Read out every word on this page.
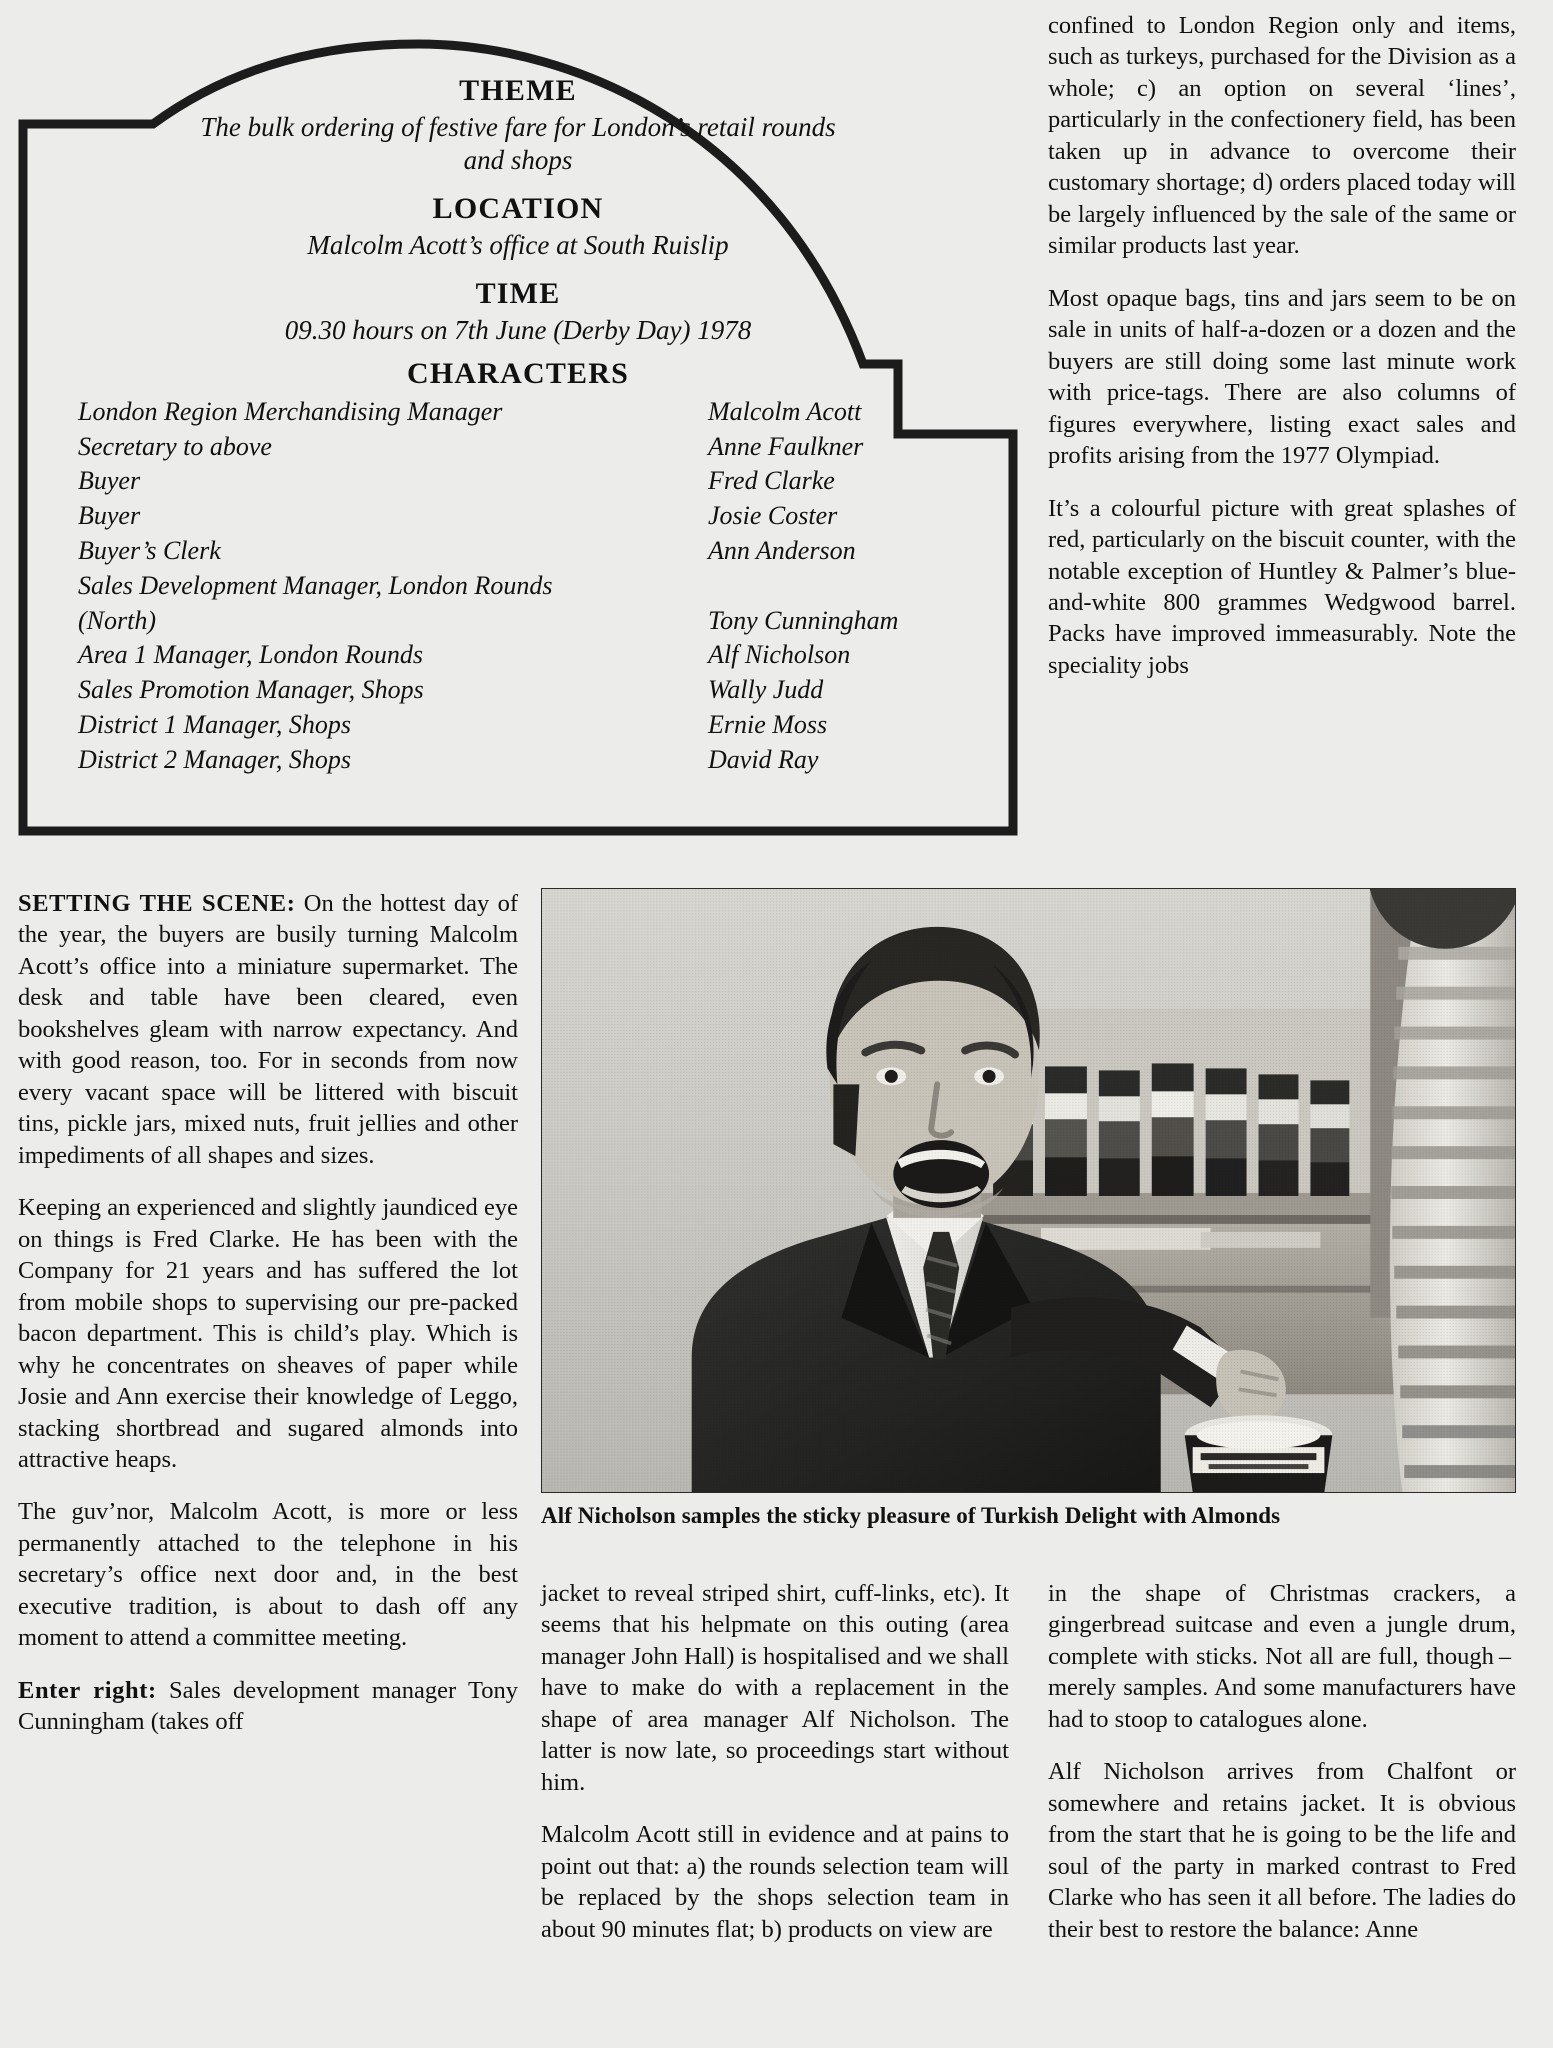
THEME
The bulk ordering of festive fare for London’s retail rounds and shops
LOCATION
Malcolm Acott’s office at South Ruislip
TIME
09.30 hours on 7th June (Derby Day) 1978
CHARACTERS
London Region Merchandising Manager	Malcolm Acott
Secretary to above	Anne Faulkner
Buyer	Fred Clarke
Buyer	Josie Coster
Buyer’s Clerk	Ann Anderson
Sales Development Manager, London Rounds	
(North)	Tony Cunningham
Area 1 Manager, London Rounds	Alf Nicholson
Sales Promotion Manager, Shops	Wally Judd
District 1 Manager, Shops	Ernie Moss
District 2 Manager, Shops	David Ray

confined to London Region only and items, such as turkeys, purchased for the Division as a whole; c) an option on several ‘lines’, particularly in the confectionery field, has been taken up in advance to overcome their customary shortage; d) orders placed today will be largely influenced by the sale of the same or similar products last year.

Most opaque bags, tins and jars seem to be on sale in units of half-a-dozen or a dozen and the buyers are still doing some last minute work with price-tags. There are also columns of figures everywhere, listing exact sales and profits arising from the 1977 Olympiad.

It’s a colourful picture with great splashes of red, particularly on the biscuit counter, with the notable exception of Huntley & Palmer’s blue-and-white 800 grammes Wedgwood barrel. Packs have improved immeasurably. Note the speciality jobs

SETTING THE SCENE: On the hottest day of the year, the buyers are busily turning Malcolm Acott’s office into a miniature supermarket. The desk and table have been cleared, even bookshelves gleam with narrow expectancy. And with good reason, too. For in seconds from now every vacant space will be littered with biscuit tins, pickle jars, mixed nuts, fruit jellies and other impediments of all shapes and sizes.

Keeping an experienced and slightly jaundiced eye on things is Fred Clarke. He has been with the Company for 21 years and has suffered the lot from mobile shops to supervising our pre-packed bacon department. This is child’s play. Which is why he concentrates on sheaves of paper while Josie and Ann exercise their knowledge of Leggo, stacking shortbread and sugared almonds into attractive heaps.

The guv’nor, Malcolm Acott, is more or less permanently attached to the telephone in his secretary’s office next door and, in the best executive tradition, is about to dash off any moment to attend a committee meeting.

Enter right: Sales development manager Tony Cunningham (takes off

Alf Nicholson samples the sticky pleasure of Turkish Delight with Almonds

jacket to reveal striped shirt, cuff-links, etc). It seems that his helpmate on this outing (area manager John Hall) is hospitalised and we shall have to make do with a replacement in the shape of area manager Alf Nicholson. The latter is now late, so proceedings start without him.

Malcolm Acott still in evidence and at pains to point out that: a) the rounds selection team will be replaced by the shops selection team in about 90 minutes flat; b) products on view are

in the shape of Christmas crackers, a gingerbread suitcase and even a jungle drum, complete with sticks. Not all are full, though – merely samples. And some manufacturers have had to stoop to catalogues alone.

Alf Nicholson arrives from Chalfont or somewhere and retains jacket. It is obvious from the start that he is going to be the life and soul of the party in marked contrast to Fred Clarke who has seen it all before. The ladies do their best to restore the balance: Anne
